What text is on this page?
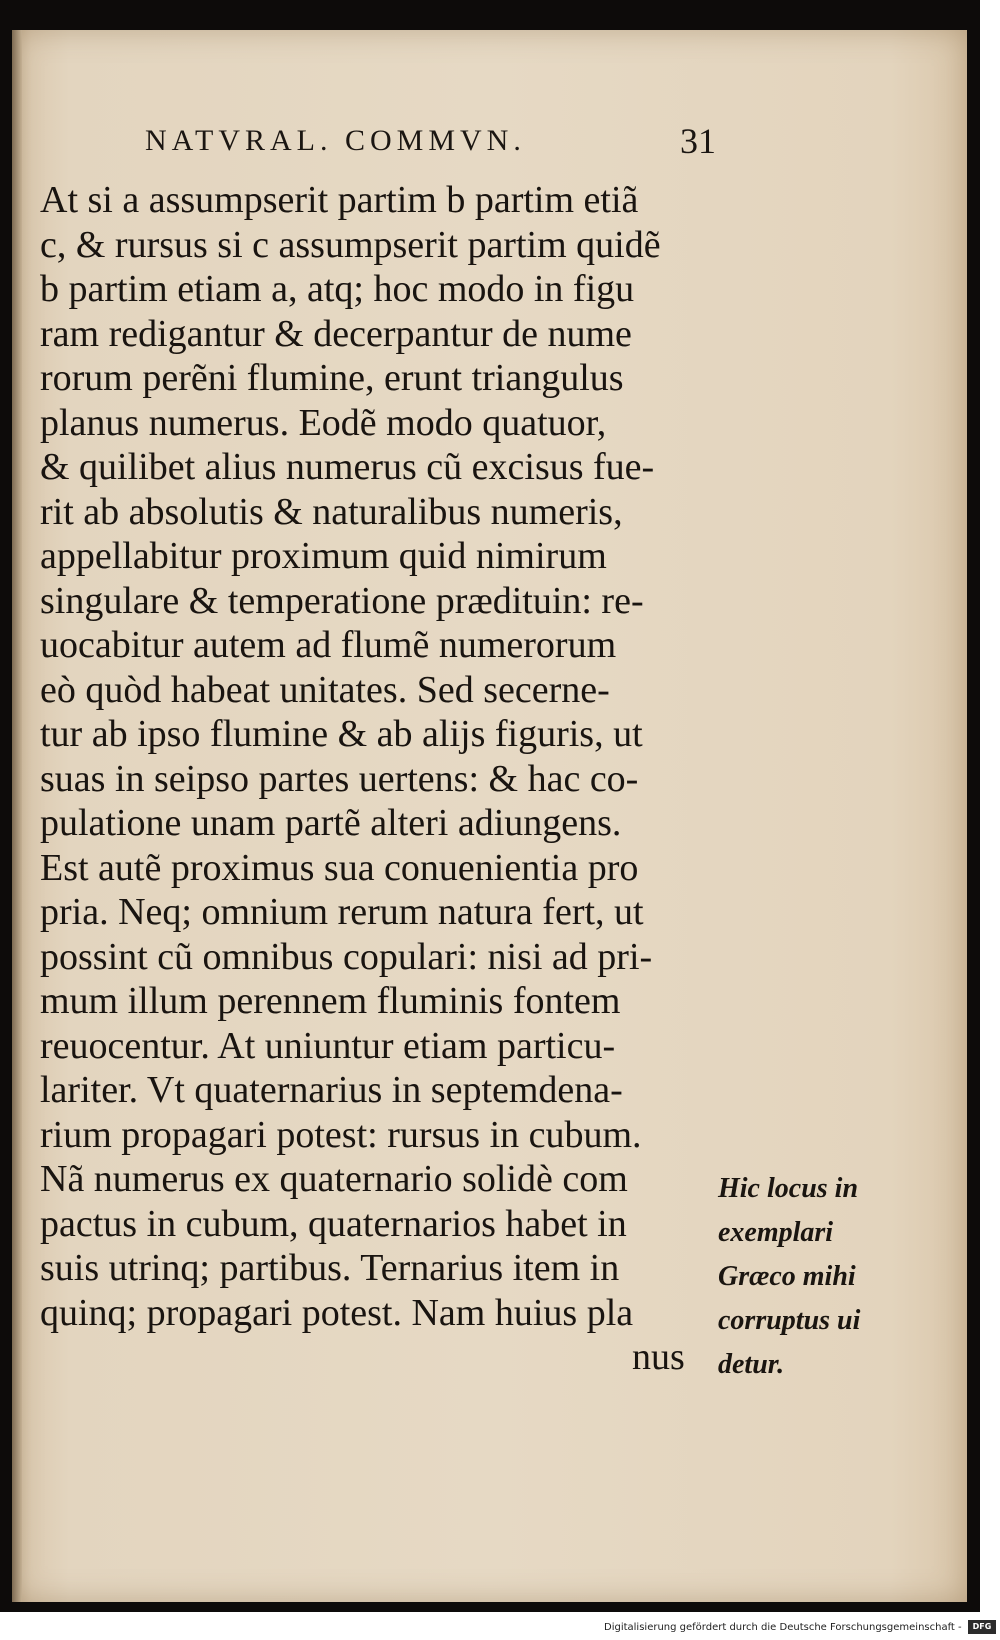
NATVRAL. COMMVN.	31
At si a assumpserit partim b partim etiã
c, & rursus si c assumpserit partim quidẽ
b partim etiam a, atq; hoc modo in figu
ram redigantur & decerpantur de nume
rorum perẽni flumine, erunt triangulus
planus numerus. Eodẽ modo quatuor,
& quilibet alius numerus cũ excisus fue-
rit ab absolutis & naturalibus numeris,
appellabitur proximum quid nimirum
singulare & temperatione prædituin: re-
uocabitur autem ad flumẽ numerorum
eò quòd habeat unitates. Sed secerne-
tur ab ipso flumine & ab alijs figuris, ut
suas in seipso partes uertens: & hac co-
pulatione unam partẽ alteri adiungens.
Est autẽ proximus sua conuenientia pro
pria. Neq; omnium rerum natura fert, ut
possint cũ omnibus copulari: nisi ad pri-
mum illum perennem fluminis fontem
reuocentur. At uniuntur etiam particu-
lariter. Vt quaternarius in septemdena-
rium propagari potest: rursus in cubum.
Nã numerus ex quaternario solidè com
pactus in cubum, quaternarios habet in
suis utrinq; partibus. Ternarius item in
quinq; propagari potest. Nam huius pla
nus
Hic locus in
exemplari
Græco mihi
corruptus ui
detur.
Digitalisierung gefördert durch die Deutsche Forschungsgemeinschaft -	DFG
